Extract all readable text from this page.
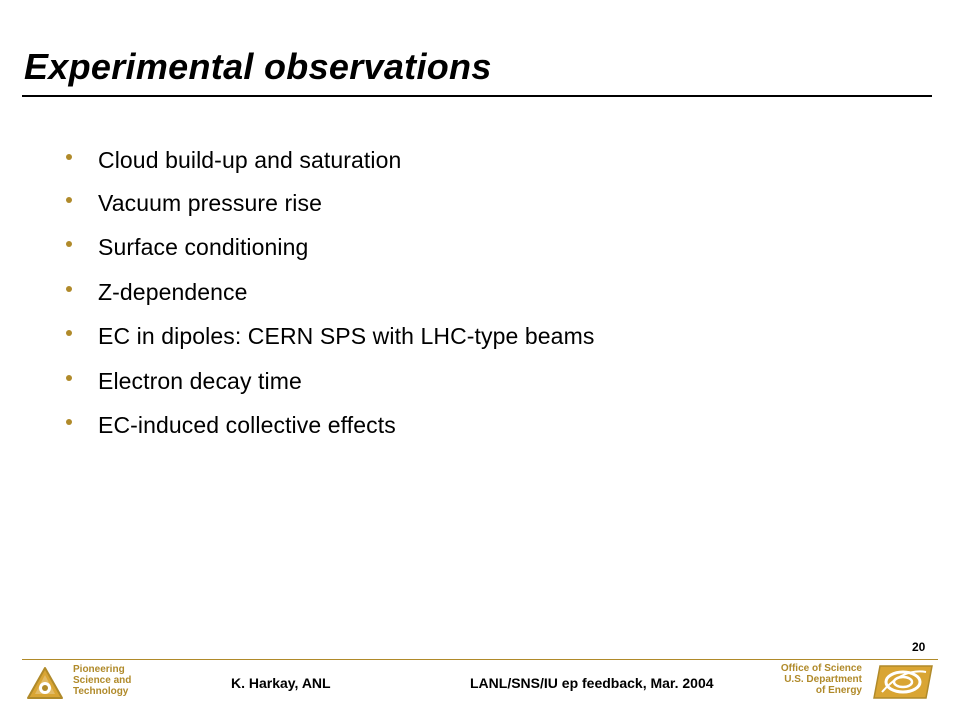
Experimental observations
Cloud build-up and saturation
Vacuum pressure rise
Surface conditioning
Z-dependence
EC in dipoles: CERN SPS with LHC-type beams
Electron decay time
EC-induced collective effects
20
Pioneering
Science and
Technology
K. Harkay, ANL	LANL/SNS/IU ep feedback, Mar. 2004
Office of Science
U.S. Department
of Energy
